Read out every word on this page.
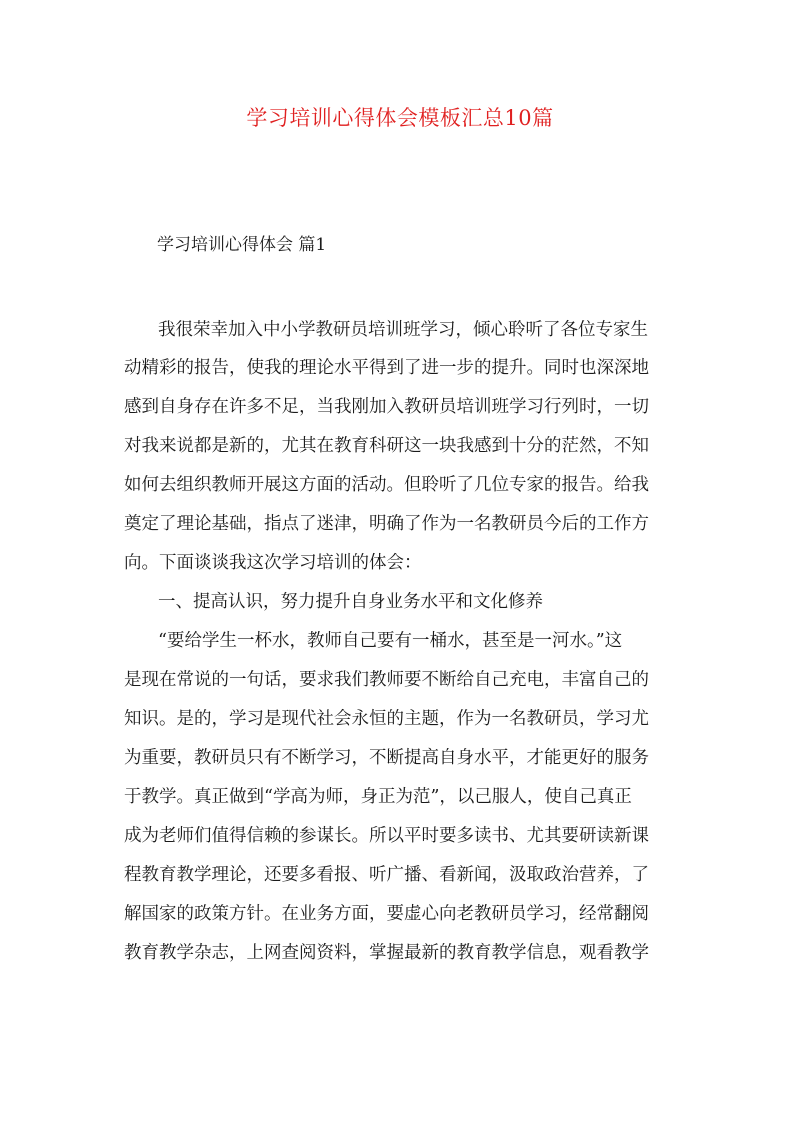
学习培训心得体会模板汇总10篇
学习培训心得体会 篇1
我很荣幸加入中小学教研员培训班学习，倾心聆听了各位专家生
动精彩的报告，使我的理论水平得到了进一步的提升。同时也深深地
感到自身存在许多不足，当我刚加入教研员培训班学习行列时，一切
对我来说都是新的，尤其在教育科研这一块我感到十分的茫然，不知
如何去组织教师开展这方面的活动。但聆听了几位专家的报告。给我
奠定了理论基础，指点了迷津，明确了作为一名教研员今后的工作方
向。下面谈谈我这次学习培训的体会：
一、提高认识，努力提升自身业务水平和文化修养
“要给学生一杯水，教师自己要有一桶水，甚至是一河水。”这
是现在常说的一句话，要求我们教师要不断给自己充电，丰富自己的
知识。是的，学习是现代社会永恒的主题，作为一名教研员，学习尤
为重要，教研员只有不断学习，不断提高自身水平，才能更好的服务
于教学。真正做到“学高为师，身正为范”，以己服人，使自己真正
成为老师们值得信赖的参谋长。所以平时要多读书、尤其要研读新课
程教育教学理论，还要多看报、听广播、看新闻，汲取政治营养，了
解国家的政策方针。在业务方面，要虚心向老教研员学习，经常翻阅
教育教学杂志，上网查阅资料，掌握最新的教育教学信息，观看教学
